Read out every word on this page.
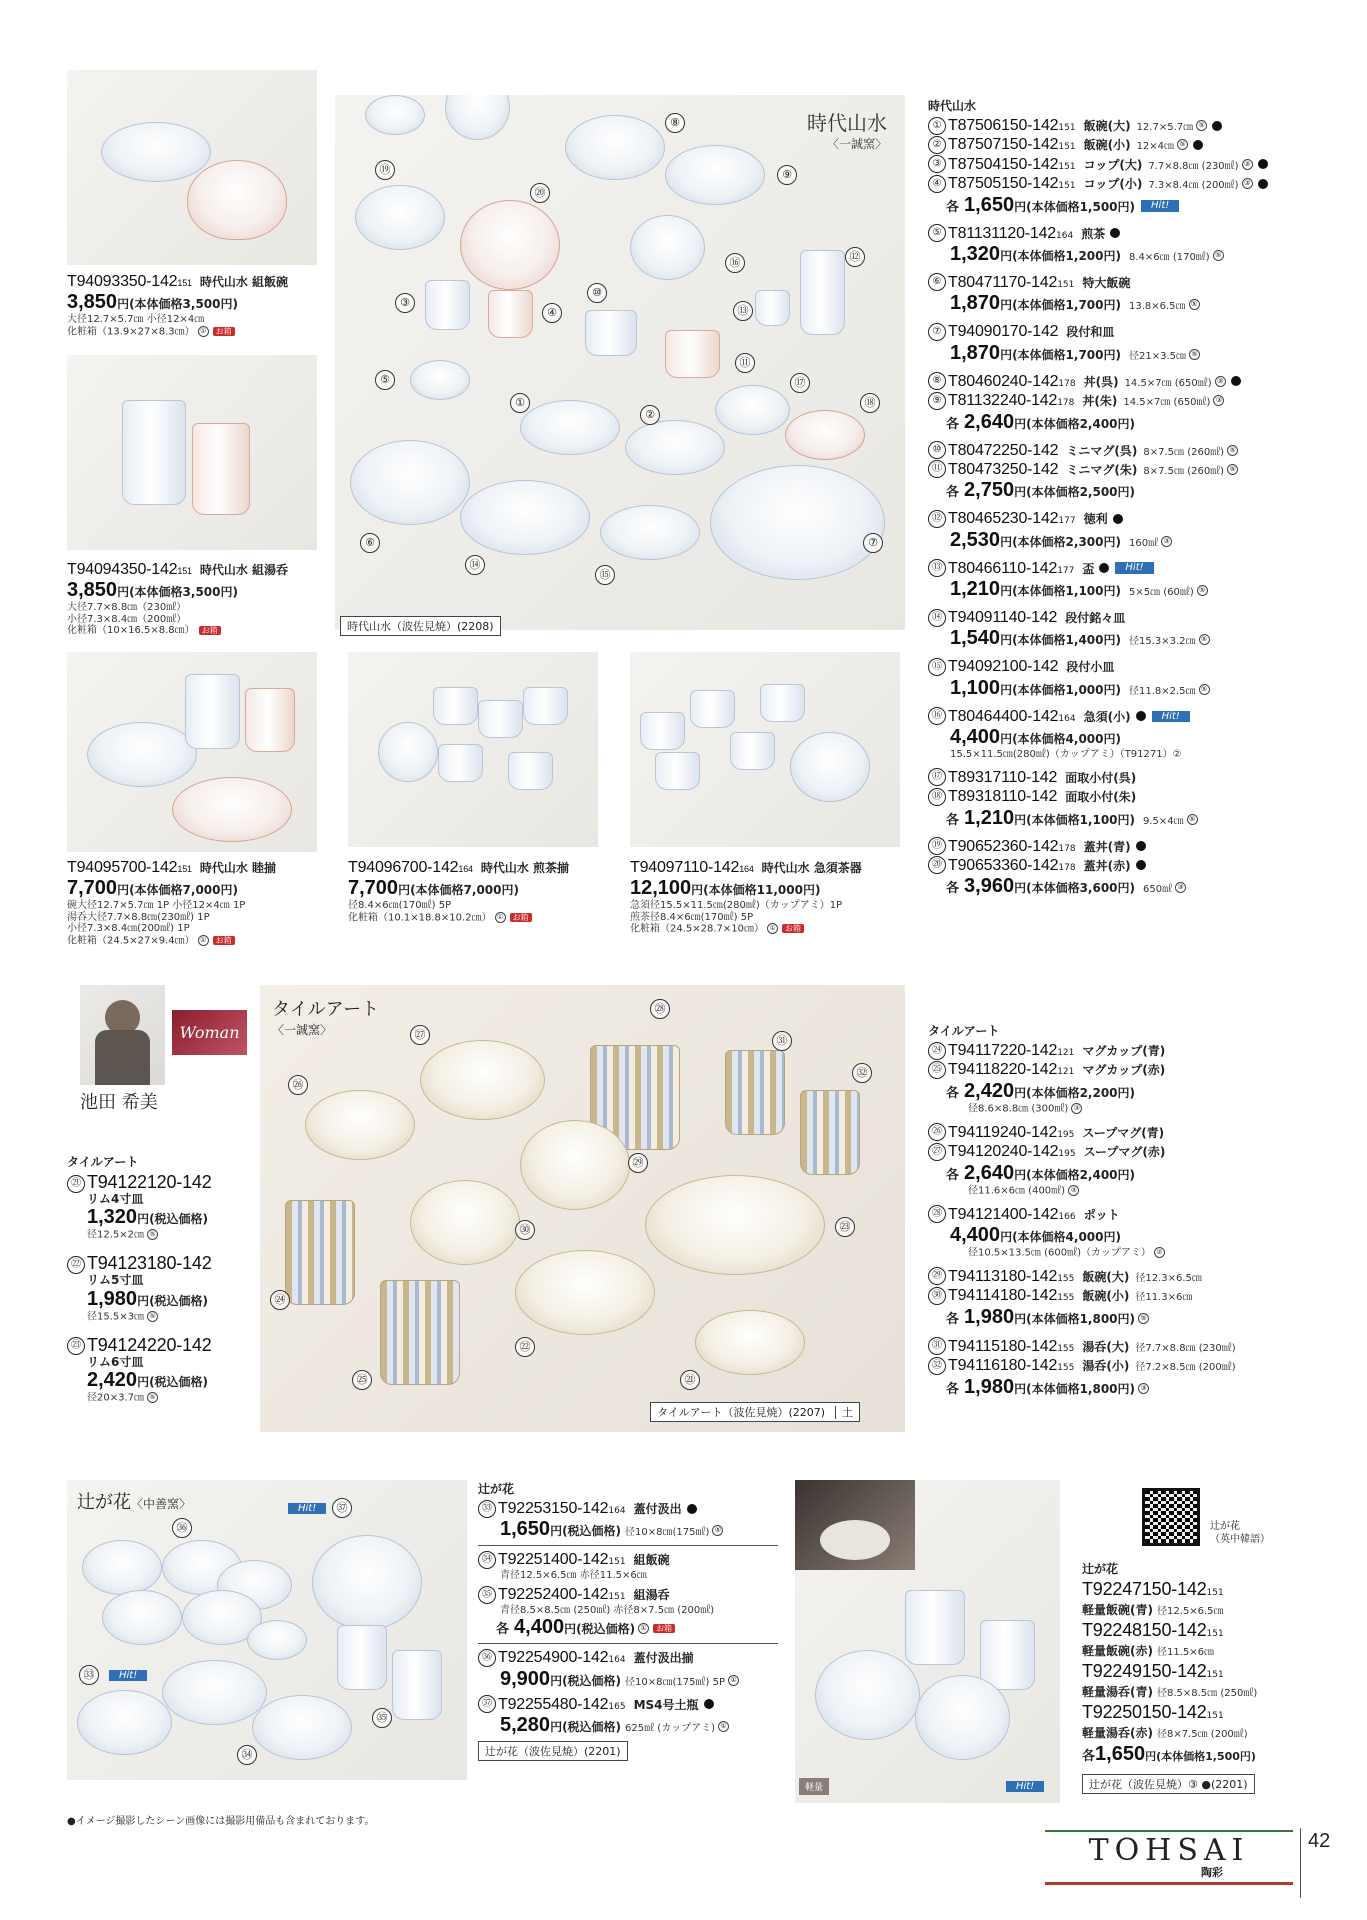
T94093350-142151 時代山水 組飯碗
3,850円(本体価格3,500円)
大径12.7×5.7㎝ 小径12×4㎝
化粧箱（13.9×27×8.3㎝） ① お箱
T94094350-142151 時代山水 組湯呑
3,850円(本体価格3,500円)
大径7.7×8.8㎝（230㎖）
小径7.3×8.4㎝（200㎖）
化粧箱（10×16.5×8.8㎝） お箱
T94095700-142151 時代山水 睦揃
7,700円(本体価格7,000円)
碗大径12.7×5.7㎝ 1P 小径12×4㎝ 1P
湯呑大径7.7×8.8㎝(230㎖) 1P
小径7.3×8.4㎝(200㎖) 1P
化粧箱（24.5×27×9.4㎝） ① お箱
T94096700-142164 時代山水 煎茶揃
7,700円(本体価格7,000円)
径8.4×6㎝(170㎖) 5P
化粧箱（10.1×18.8×10.2㎝） ① お箱
T94097110-142164 時代山水 急須茶器
12,100円(本体価格11,000円)
急須径15.5×11.5㎝(280㎖)（カップアミ）1P
煎茶径8.4×6㎝(170㎖) 5P
化粧箱（24.5×28.7×10㎝） ① お箱
時代山水
〈一誠窯〉
⑲
⑳
⑧
⑨
③
④
⑩
⑯
⑬
⑫
⑤
①
②
⑪
⑰
⑱
⑥
⑭
⑮
⑦
時代山水（波佐見焼）(2208)
時代山水
① T87506150-142151 飯碗(大) 12.7×5.7㎝ ⑤
② T87507150-142151 飯碗(小) 12×4㎝ ⑤
③ T87504150-142151 コップ(大) 7.7×8.8㎝ (230㎖) ③
④ T87505150-142151 コップ(小) 7.3×8.4㎝ (200㎖) ③
各 1,650円(本体価格1,500円) Hit!
⑤ T81131120-142164 煎茶
1,320円(本体価格1,200円) 8.4×6㎝ (170㎖) ⑤
⑥ T80471170-142151 特大飯碗
1,870円(本体価格1,700円) 13.8×6.5㎝ ⑤
⑦ T94090170-142 段付和皿
1,870円(本体価格1,700円) 径21×3.5㎝ ⑤
⑧ T80460240-142178 丼(呉) 14.5×7㎝ (650㎖) ③
⑨ T81132240-142178 丼(朱) 14.5×7㎝ (650㎖) ③
各 2,640円(本体価格2,400円)
⑩ T80472250-142 ミニマグ(呉) 8×7.5㎝ (260㎖) ⑤
⑪ T80473250-142 ミニマグ(朱) 8×7.5㎝ (260㎖) ⑤
各 2,750円(本体価格2,500円)
⑫ T80465230-142177 徳利
2,530円(本体価格2,300円) 160㎖ ③
⑬ T80466110-142177 盃	Hit!
1,210円(本体価格1,100円) 5×5㎝ (60㎖) ⑤
⑭ T94091140-142 段付銘々皿
1,540円(本体価格1,400円) 径15.3×3.2㎝ ⑤
⑮ T94092100-142 段付小皿
1,100円(本体価格1,000円) 径11.8×2.5㎝ ⑤
⑯ T80464400-142164 急須(小)	Hit!
4,400円(本体価格4,000円)
15.5×11.5㎝(280㎖)（カップアミ）（T91271）②
⑰ T89317110-142 面取小付(呉)
⑱ T89318110-142 面取小付(朱)
各 1,210円(本体価格1,100円) 9.5×4㎝ ⑤
⑲ T90652360-142178 蓋丼(青)
⑳ T90653360-142178 蓋丼(赤)
各 3,960円(本体価格3,600円) 650㎖ ③
Woman
池田 希美
タイルアート
㉑ T94122120-142
リム4寸皿
1,320円(税込価格)
径12.5×2㎝ ⑤
㉒ T94123180-142
リム5寸皿
1,980円(税込価格)
径15.5×3㎝ ⑤
㉓ T94124220-142
リム6寸皿
2,420円(税込価格)
径20×3.7㎝ ⑤
タイルアート
〈一誠窯〉
㉘
㉗
㉖
㉛
㉜
㉙
㉚	㉓
㉔
㉒
㉑
㉕
タイルアート（波佐見焼）(2207) 土
タイルアート
㉔ T94117220-142121 マグカップ(青)
㉕ T94118220-142121 マグカップ(赤)
各 2,420円(本体価格2,200円)
径8.6×8.8㎝ (300㎖) ③
㉖ T94119240-142195 スープマグ(青)
㉗ T94120240-142195 スープマグ(赤)
各 2,640円(本体価格2,400円)
径11.6×6㎝ (400㎖) ③
㉘ T94121400-142166 ポット
4,400円(本体価格4,000円)
径10.5×13.5㎝ (600㎖)（カップアミ） ②
㉙ T94113180-142155 飯碗(大) 径12.3×6.5㎝
㉚ T94114180-142155 飯碗(小) 径11.3×6㎝
各 1,980円(本体価格1,800円) ⑤
㉛ T94115180-142155 湯呑(大) 径7.7×8.8㎝ (230㎖)
㉜ T94116180-142155 湯呑(小) 径7.2×8.5㎝ (200㎖)
各 1,980円(本体価格1,800円) ③
辻が花〈中善窯〉	Hit!
㊱
㊲
㉝	Hit!
㉞
㉟
辻が花
㉝ T92253150-142164 蓋付汲出
1,650円(税込価格) 径10×8㎝(175㎖) ⑤
㉞ T92251400-142151 組飯碗
青径12.5×6.5㎝ 赤径11.5×6㎝
㉟ T92252400-142151 組湯呑
青径8.5×8.5㎝ (250㎖) 赤径8×7.5㎝ (200㎖)
各 4,400円(税込価格) ① お箱
㊱ T92254900-142164 蓋付汲出揃
9,900円(税込価格) 径10×8㎝(175㎖) 5P ①
㊲ T92255480-142165 MS4号土瓶
5,280円(税込価格) 625㎖ (カップアミ) ①
辻が花（波佐見焼）(2201)
軽量	Hit!
辻が花
（英中韓語）
辻が花
T92247150-142151
軽量飯碗(青) 径12.5×6.5㎝
T92248150-142151
軽量飯碗(赤) 径11.5×6㎝
T92249150-142151
軽量湯呑(青) 径8.5×8.5㎝ (250㎖)
T92250150-142151
軽量湯呑(赤) 径8×7.5㎝ (200㎖)
各1,650円(本体価格1,500円)
辻が花（波佐見焼）③ ●(2201)
●イメージ撮影したシーン画像には撮影用備品も含まれております。
TOHSAI
陶彩
42
